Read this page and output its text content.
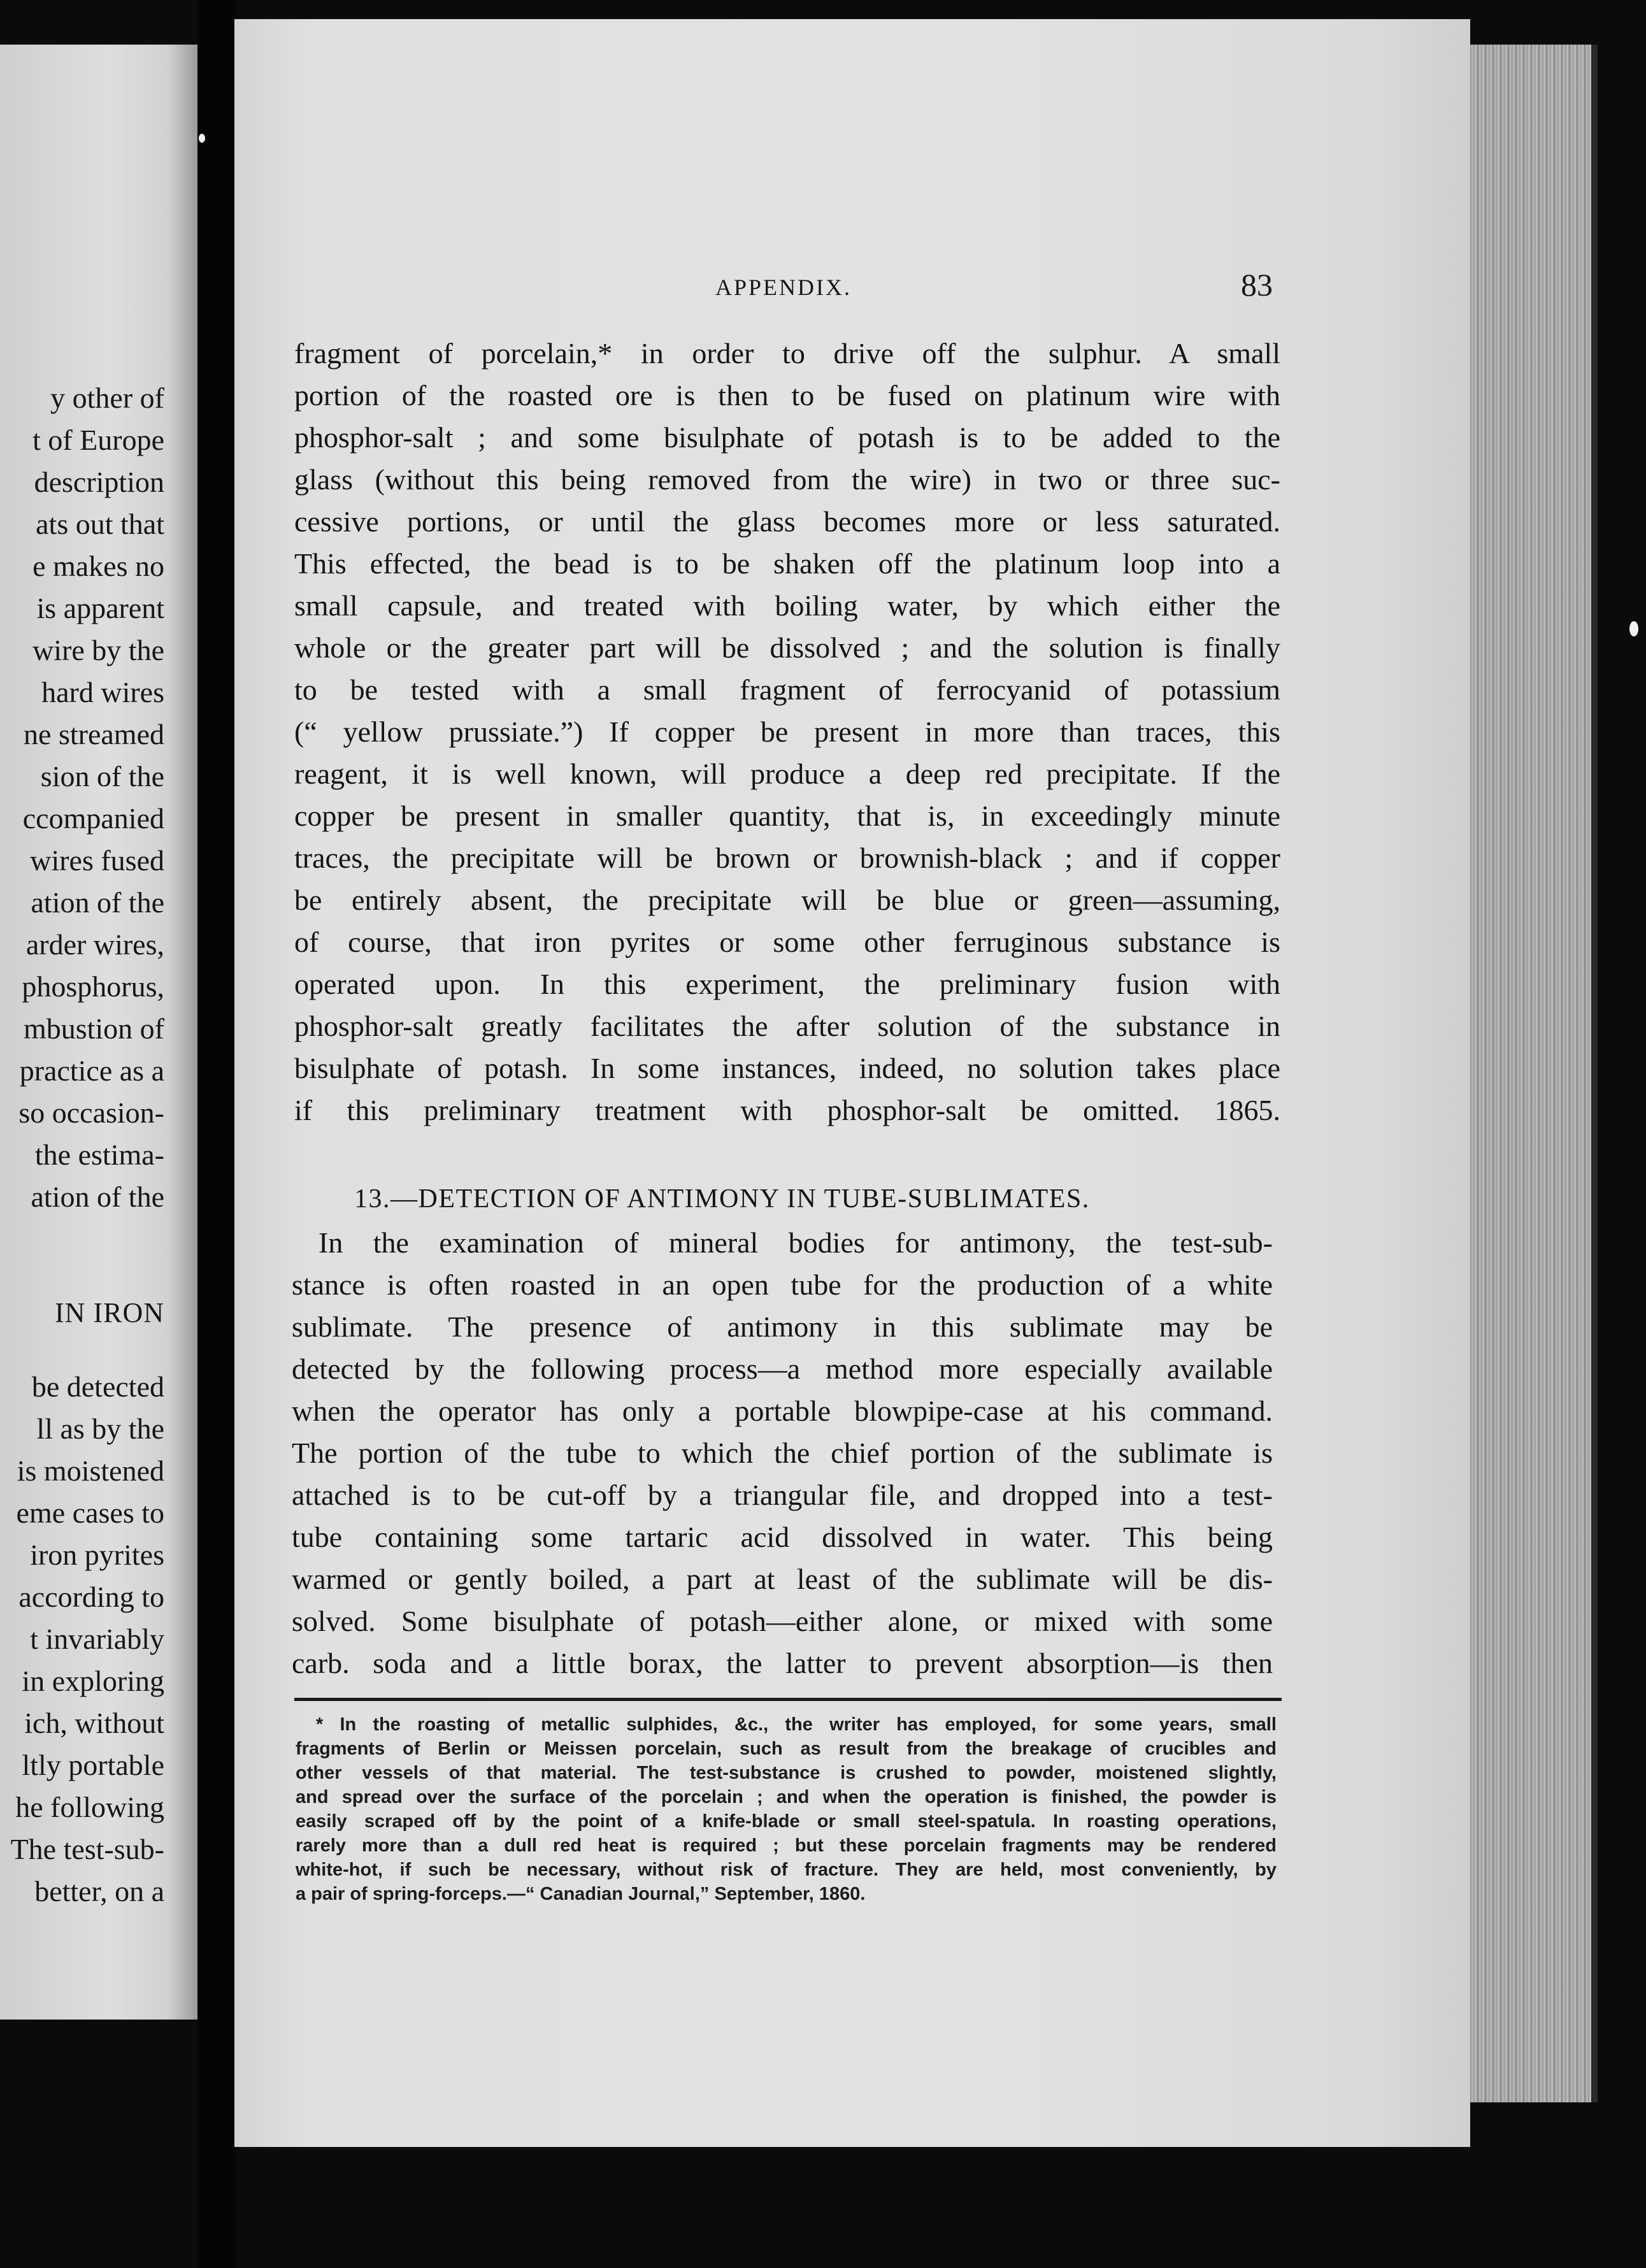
y other of
t of Europe
description
ats out that
e makes no
is apparent
wire by the
hard wires
ne streamed
sion of the
ccompanied
wires fused
ation of the
arder wires,
phosphorus,
mbustion of
practice as a
so occasion-
the estima-
ation of the
IN IRON
be detected
ll as by the
is moistened
eme cases to
iron pyrites
according to
t invariably
in exploring
ich, without
ltly portable
he following
The test-sub-
better, on a
APPENDIX.	83
fragment of porcelain,* in order to drive off the sulphur. A small
portion of the roasted ore is then to be fused on platinum wire with
phosphor-salt ; and some bisulphate of potash is to be added to the
glass (without this being removed from the wire) in two or three suc-
cessive portions, or until the glass becomes more or less saturated.
This effected, the bead is to be shaken off the platinum loop into a
small capsule, and treated with boiling water, by which either the
whole or the greater part will be dissolved ; and the solution is finally
to be tested with a small fragment of ferrocyanid of potassium
(“ yellow prussiate.”) If copper be present in more than traces, this
reagent, it is well known, will produce a deep red precipitate. If the
copper be present in smaller quantity, that is, in exceedingly minute
traces, the precipitate will be brown or brownish-black ; and if copper
be entirely absent, the precipitate will be blue or green—assuming,
of course, that iron pyrites or some other ferruginous substance is
operated upon. In this experiment, the preliminary fusion with
phosphor-salt greatly facilitates the after solution of the substance in
bisulphate of potash. In some instances, indeed, no solution takes place
if this preliminary treatment with phosphor-salt be omitted. 1865.
13.—DETECTION OF ANTIMONY IN TUBE-SUBLIMATES.
In the examination of mineral bodies for antimony, the test-sub-
stance is often roasted in an open tube for the production of a white
sublimate. The presence of antimony in this sublimate may be
detected by the following process—a method more especially available
when the operator has only a portable blowpipe-case at his command.
The portion of the tube to which the chief portion of the sublimate is
attached is to be cut-off by a triangular file, and dropped into a test-
tube containing some tartaric acid dissolved in water. This being
warmed or gently boiled, a part at least of the sublimate will be dis-
solved. Some bisulphate of potash—either alone, or mixed with some
carb. soda and a little borax, the latter to prevent absorption—is then
* In the roasting of metallic sulphides, &c., the writer has employed, for some years, small
fragments of Berlin or Meissen porcelain, such as result from the breakage of crucibles and
other vessels of that material. The test-substance is crushed to powder, moistened slightly,
and spread over the surface of the porcelain ; and when the operation is finished, the powder is
easily scraped off by the point of a knife-blade or small steel-spatula. In roasting operations,
rarely more than a dull red heat is required ; but these porcelain fragments may be rendered
white-hot, if such be necessary, without risk of fracture. They are held, most conveniently, by
a pair of spring-forceps.—“ Canadian Journal,” September, 1860.
